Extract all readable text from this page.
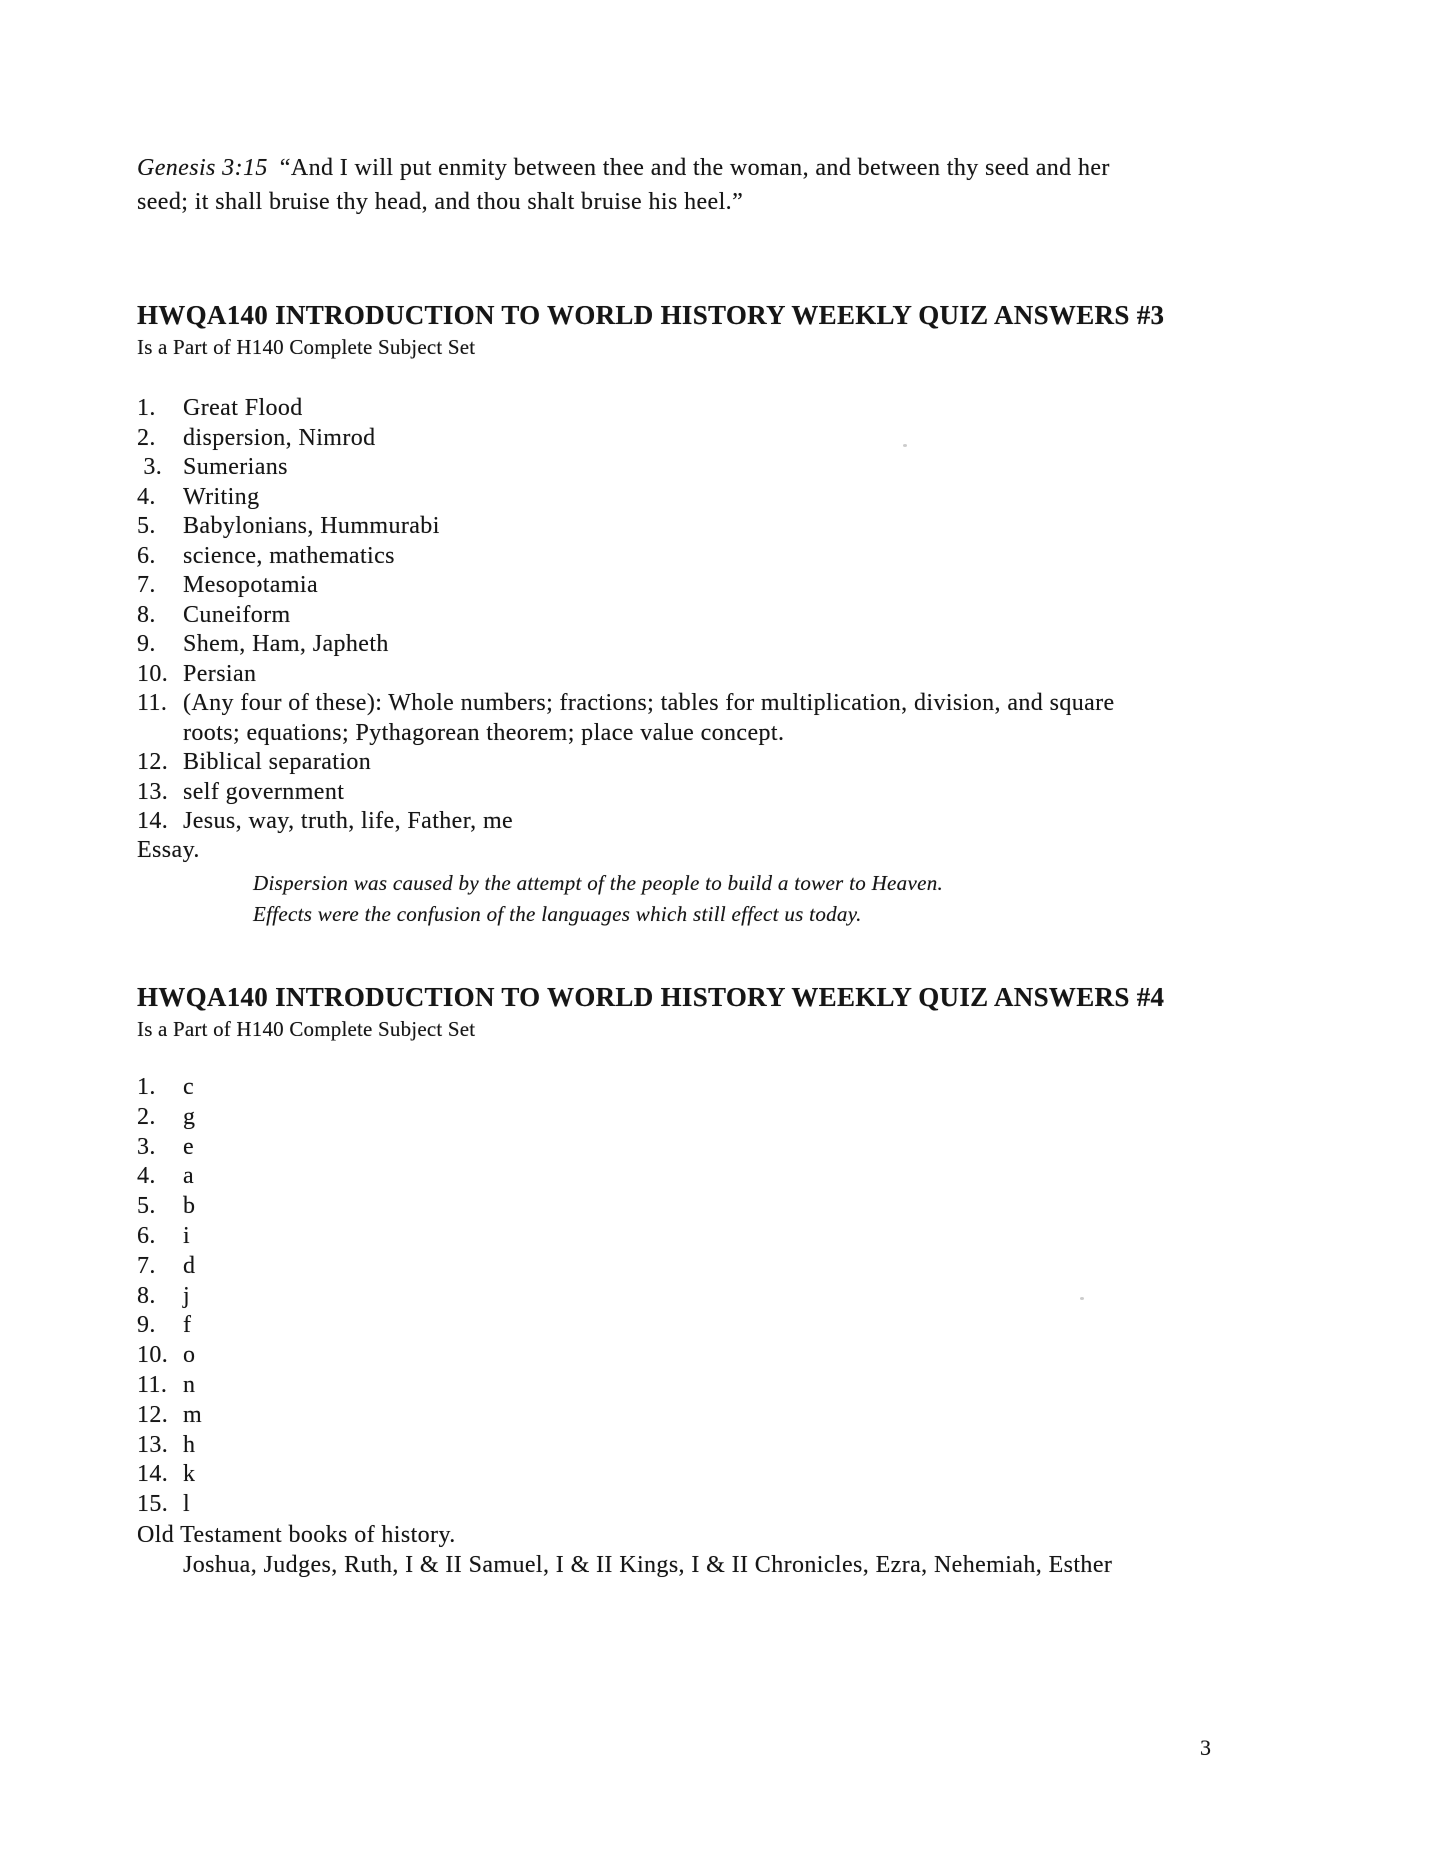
Genesis 3:15 “And I will put enmity between thee and the woman, and between thy seed and her
seed; it shall bruise thy head, and thou shalt bruise his heel.”

HWQA140 INTRODUCTION TO WORLD HISTORY WEEKLY QUIZ ANSWERS #3
Is a Part of H140 Complete Subject Set
1.	Great Flood
2.	dispersion, Nimrod
3. Sumerians
4.	Writing
5.	Babylonians, Hummurabi
6.	science, mathematics
7.	Mesopotamia
8.	Cuneiform
9.	Shem, Ham, Japheth
10. Persian
11. (Any four of these): Whole numbers; fractions; tables for multiplication, division, and square
roots; equations; Pythagorean theorem; place value concept.
12. Biblical separation
13. self government
14. Jesus, way, truth, life, Father, me
Essay.
Dispersion was caused by the attempt of the people to build a tower to Heaven.
Effects were the confusion of the languages which still effect us today.
HWQA140 INTRODUCTION TO WORLD HISTORY WEEKLY QUIZ ANSWERS #4
Is a Part of H140 Complete Subject Set
1.	c
2.	g
3.	e
4.	a
5.	b
6.	i
7.	d
8.	j
9.	f
10. o
11. n
12. m
13. h
14. k
15. l
Old Testament books of history.
Joshua, Judges, Ruth, I & II Samuel, I & II Kings, I & II Chronicles, Ezra, Nehemiah, Esther
3
